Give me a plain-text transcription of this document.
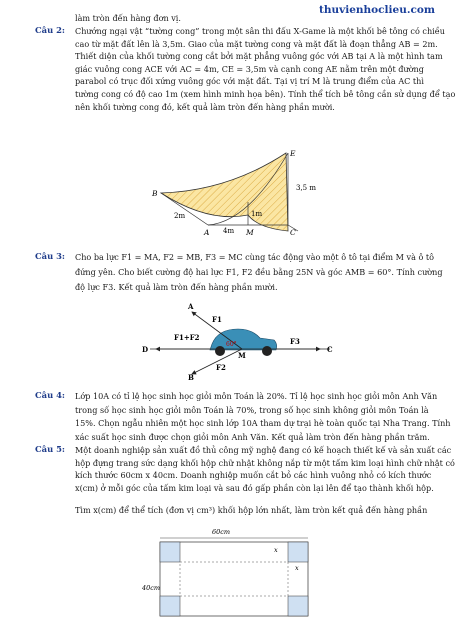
thuvienhoclieu.com
làm tròn đến hàng đơn vị.
Câu 2: Chướng ngại vật “tường cong” trong một sân thi đấu X-Game là một khối bê tông có chiều
cao từ mặt đất lên là 3,5m. Giao của mặt tường cong và mặt đất là đoạn thẳng AB = 2m.
Thiết diện của khối tường cong cắt bởi mặt phẳng vuông góc với AB tại A là một hình tam
giác vuông cong ACE với AC = 4m, CE = 3,5m và cạnh cong AE nằm trên một đường
parabol có trục đối xứng vuông góc với mặt đất. Tại vị trí M là trung điểm của AC thì
tường cong có độ cao 1m (xem hình minh họa bên). Tính thể tích bê tông cần sử dụng để tạo
nên khối tường cong đó, kết quả làm tròn đến hàng phần mười.
B
A	M	C
E
2m
4m
1m
3,5 m
Câu 3: Cho ba lực F1 = MA, F2 = MB, F3 = MC cùng tác động vào một ô tô tại điểm M và ô tô
đứng yên. Cho biết cường độ hai lực F1, F2 đều bằng 25N và góc AMB = 60°. Tính cường
độ lực F3. Kết quả làm tròn đến hàng phần mười.
A
B
C
D
M
F1
F2
F3
F1+F2
60°
Câu 4: Lớp 10A có tỉ lệ học sinh học giỏi môn Toán là 20%. Tỉ lệ học sinh học giỏi môn Anh Văn
trong số học sinh học giỏi môn Toán là 70%, trong số học sinh không giỏi môn Toán là
15%. Chọn ngẫu nhiên một học sinh lớp 10A tham dự trại hè toàn quốc tại Nha Trang. Tính
xác suất học sinh được chọn giỏi môn Anh Văn. Kết quả làm tròn đến hàng phần trăm.
Câu 5: Một doanh nghiệp sản xuất đồ thủ công mỹ nghệ đang có kế hoạch thiết kế và sản xuất các
hộp đựng trang sức dạng khối hộp chữ nhật không nắp từ một tấm kim loại hình chữ nhật có
kích thước 60cm x 40cm. Doanh nghiệp muốn cắt bỏ các hình vuông nhỏ có kích thước
x(cm) ở mỗi góc của tấm kim loại và sau đó gấp phần còn lại lên để tạo thành khối hộp.
Tìm x(cm) để thể tích (đơn vị cm³) khối hộp lớn nhất, làm tròn kết quả đến hàng phần
60cm
40cm
x
x
